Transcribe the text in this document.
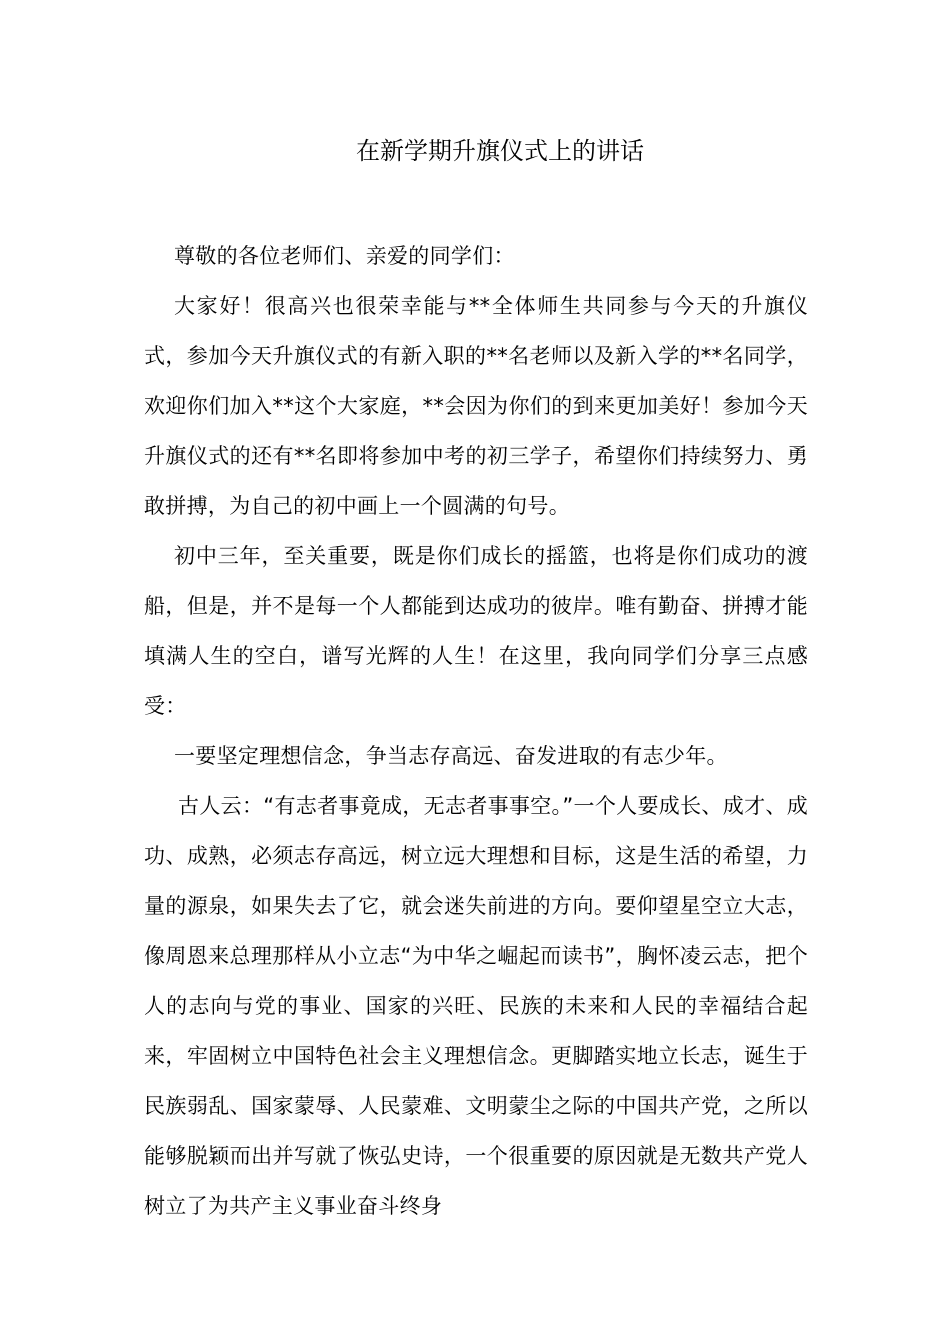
在新学期升旗仪式上的讲话

尊敬的各位老师们、亲爱的同学们：

大家好！很高兴也很荣幸能与**全体师生共同参与今天的升旗仪式，参加今天升旗仪式的有新入职的**名老师以及新入学的**名同学，欢迎你们加入**这个大家庭，**会因为你们的到来更加美好！参加今天升旗仪式的还有**名即将参加中考的初三学子，希望你们持续努力、勇敢拼搏，为自己的初中画上一个圆满的句号。

初中三年，至关重要，既是你们成长的摇篮，也将是你们成功的渡船，但是，并不是每一个人都能到达成功的彼岸。唯有勤奋、拼搏才能填满人生的空白，谱写光辉的人生！在这里，我向同学们分享三点感受：

一要坚定理想信念，争当志存高远、奋发进取的有志少年。

古人云：“有志者事竟成，无志者事事空。”一个人要成长、成才、成功、成熟，必须志存高远，树立远大理想和目标，这是生活的希望，力量的源泉，如果失去了它，就会迷失前进的方向。要仰望星空立大志，像周恩来总理那样从小立志“为中华之崛起而读书”，胸怀凌云志，把个人的志向与党的事业、国家的兴旺、民族的未来和人民的幸福结合起来，牢固树立中国特色社会主义理想信念。更脚踏实地立长志，诞生于民族弱乱、国家蒙辱、人民蒙难、文明蒙尘之际的中国共产党，之所以能够脱颖而出并写就了恢弘史诗，一个很重要的原因就是无数共产党人树立了为共产主义事业奋斗终身
